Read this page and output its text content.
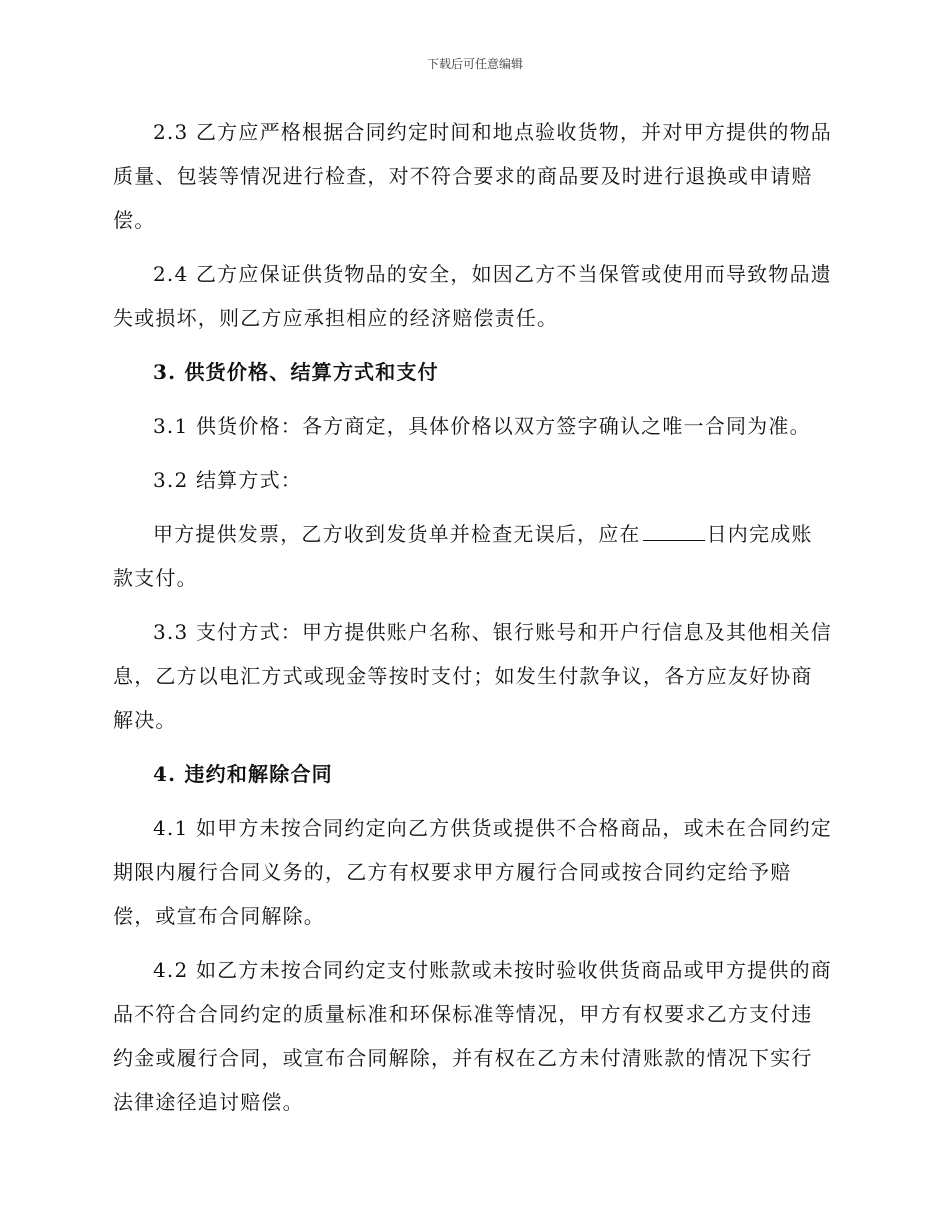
下载后可任意编辑
2.3 乙方应严格根据合同约定时间和地点验收货物，并对甲方提供的物品
质量、包装等情况进行检查，对不符合要求的商品要及时进行退换或申请赔
偿。
2.4 乙方应保证供货物品的安全，如因乙方不当保管或使用而导致物品遗
失或损坏，则乙方应承担相应的经济赔偿责任。
3. 供货价格、结算方式和支付
3.1 供货价格：各方商定，具体价格以双方签字确认之唯一合同为准。
3.2 结算方式：
甲方提供发票，乙方收到发货单并检查无误后，应在	日内完成账
款支付。
3.3 支付方式：甲方提供账户名称、银行账号和开户行信息及其他相关信
息，乙方以电汇方式或现金等按时支付；如发生付款争议，各方应友好协商
解决。
4. 违约和解除合同
4.1 如甲方未按合同约定向乙方供货或提供不合格商品，或未在合同约定
期限内履行合同义务的，乙方有权要求甲方履行合同或按合同约定给予赔
偿，或宣布合同解除。
4.2 如乙方未按合同约定支付账款或未按时验收供货商品或甲方提供的商
品不符合合同约定的质量标准和环保标准等情况，甲方有权要求乙方支付违
约金或履行合同，或宣布合同解除，并有权在乙方未付清账款的情况下实行
法律途径追讨赔偿。
